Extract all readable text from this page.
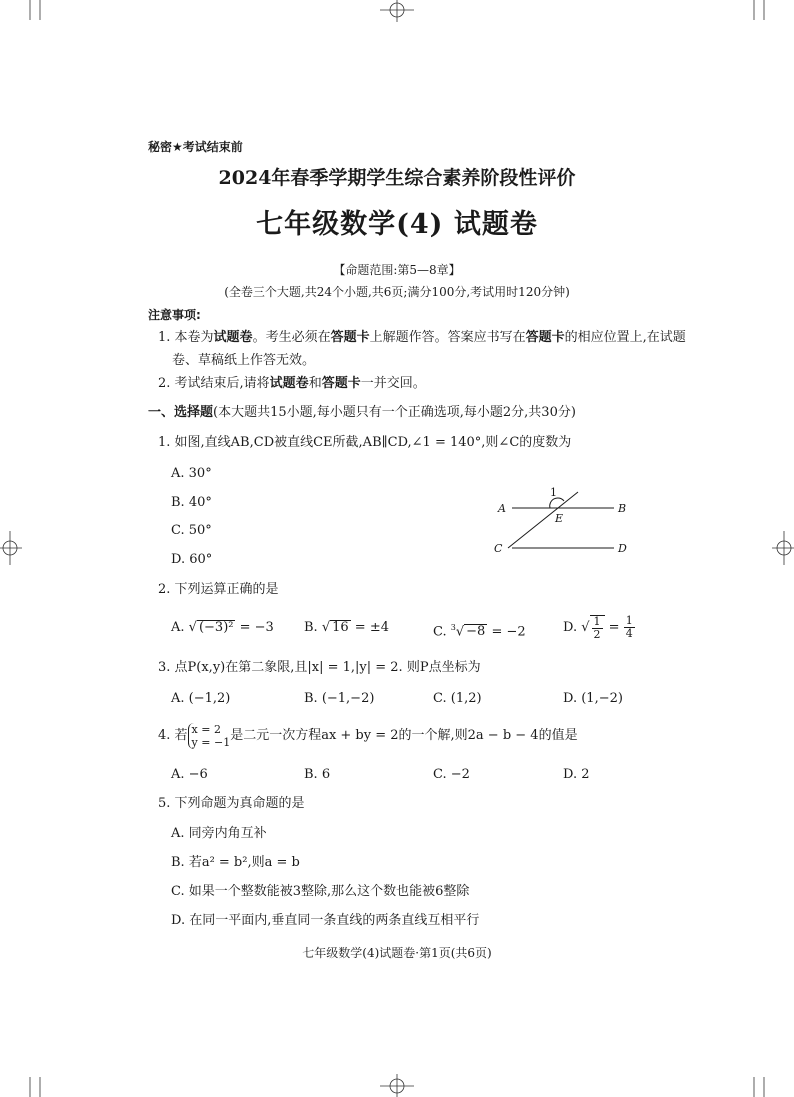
秘密★考试结束前
2024年春季学期学生综合素养阶段性评价
七年级数学(4) 试题卷
【命题范围:第5—8章】
(全卷三个大题,共24个小题,共6页;满分100分,考试用时120分钟)
注意事项:
1. 本卷为试题卷。考生必须在答题卡上解题作答。答案应书写在答题卡的相应位置上,在试题
卷、草稿纸上作答无效。
2. 考试结束后,请将试题卷和答题卡一并交回。
一、选择题(本大题共15小题,每小题只有一个正确选项,每小题2分,共30分)
1. 如图,直线AB,CD被直线CE所截,AB∥CD,∠1 = 140°,则∠C的度数为
A. 30°
B. 40°
C. 50°
D. 60°
A	B
C	D
E
1
2. 下列运算正确的是
A. √ (−3)² = −3 B. √ 16 = ±4	C. $^3$√ −8 = −2	D. √ $\frac{1}{2} = \frac{1}{4}$
3. 点P(x,y)在第二象限,且|x| = 1,|y| = 2. 则P点坐标为
A. (−1,2)	B. (−1,−2)	C. (1,2)	D. (1,−2)
4. 若 x = 2
y = −1 是二元一次方程ax + by = 2的一个解,则2a − b − 4的值是
A. −6	B. 6	C. −2	D. 2
5. 下列命题为真命题的是
A. 同旁内角互补
B. 若a² = b²,则a = b
C. 如果一个整数能被3整除,那么这个数也能被6整除
D. 在同一平面内,垂直同一条直线的两条直线互相平行
七年级数学(4)试题卷·第1页(共6页)
